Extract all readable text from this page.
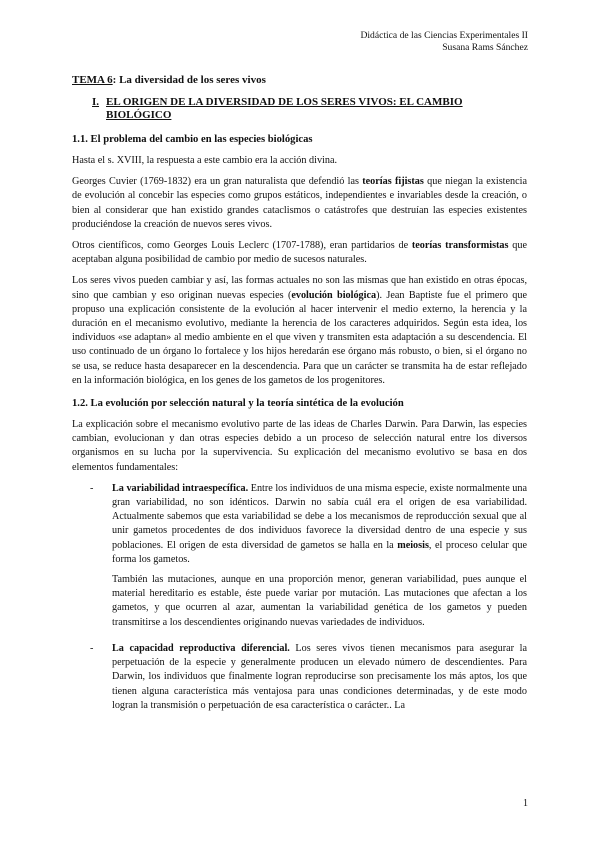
Didáctica de las Ciencias Experimentales II
Susana Rams Sánchez
TEMA 6: La diversidad de los seres vivos
I. EL ORIGEN DE LA DIVERSIDAD DE LOS SERES VIVOS: EL CAMBIO BIOLÓGICO
1.1. El problema del cambio en las especies biológicas

Hasta el s. XVIII, la respuesta a este cambio era la acción divina.

Georges Cuvier (1769-1832) era un gran naturalista que defendió las teorías fijistas que niegan la existencia de evolución al concebir las especies como grupos estáticos, independientes e invariables desde la creación, o bien al considerar que han existido grandes cataclismos o catástrofes que destruían las especies existentes produciéndose la creación de nuevos seres vivos.

Otros científicos, como Georges Louis Leclerc (1707-1788), eran partidarios de teorías transformistas que aceptaban alguna posibilidad de cambio por medio de sucesos naturales.

Los seres vivos pueden cambiar y así, las formas actuales no son las mismas que han existido en otras épocas, sino que cambian y eso originan nuevas especies (evolución biológica). Jean Baptiste fue el primero que propuso una explicación consistente de la evolución al hacer intervenir el medio externo, la herencia y la duración en el mecanismo evolutivo, mediante la herencia de los caracteres adquiridos. Según esta idea, los individuos «se adaptan» al medio ambiente en el que viven y transmiten esta adaptación a su descendencia. El uso continuado de un órgano lo fortalece y los hijos heredarán ese órgano más robusto, o bien, si el órgano no se usa, se reduce hasta desaparecer en la descendencia. Para que un carácter se transmita ha de estar reflejado en la información biológica, en los genes de los gametos de los progenitores.

1.2. La evolución por selección natural y la teoría sintética de la evolución

La explicación sobre el mecanismo evolutivo parte de las ideas de Charles Darwin. Para Darwin, las especies cambian, evolucionan y dan otras especies debido a un proceso de selección natural entre los diversos organismos en su lucha por la supervivencia. Su explicación del mecanismo evolutivo se basa en dos elementos fundamentales:

-	La variabilidad intraespecífica. Entre los individuos de una misma especie, existe normalmente una gran variabilidad, no son idénticos. Darwin no sabía cuál era el origen de esa variabilidad. Actualmente sabemos que esta variabilidad se debe a los mecanismos de reproducción sexual que al unir gametos procedentes de dos individuos favorece la diversidad dentro de una especie y sus poblaciones. El origen de esta diversidad de gametos se halla en la meiosis, el proceso celular que forma los gametos.

También las mutaciones, aunque en una proporción menor, generan variabilidad, pues aunque el material hereditario es estable, éste puede variar por mutación. Las mutaciones que afectan a los gametos, y que ocurren al azar, aumentan la variabilidad genética de los gametos y pueden transmitirse a los descendientes originando nuevas variedades de individuos.

-	La capacidad reproductiva diferencial. Los seres vivos tienen mecanismos para asegurar la perpetuación de la especie y generalmente producen un elevado número de descendientes. Para Darwin, los individuos que finalmente logran reproducirse son precisamente los más aptos, los que tienen alguna característica más ventajosa para unas condiciones determinadas, y de este modo logran la transmisión o perpetuación de esa característica o carácter.. La

1
